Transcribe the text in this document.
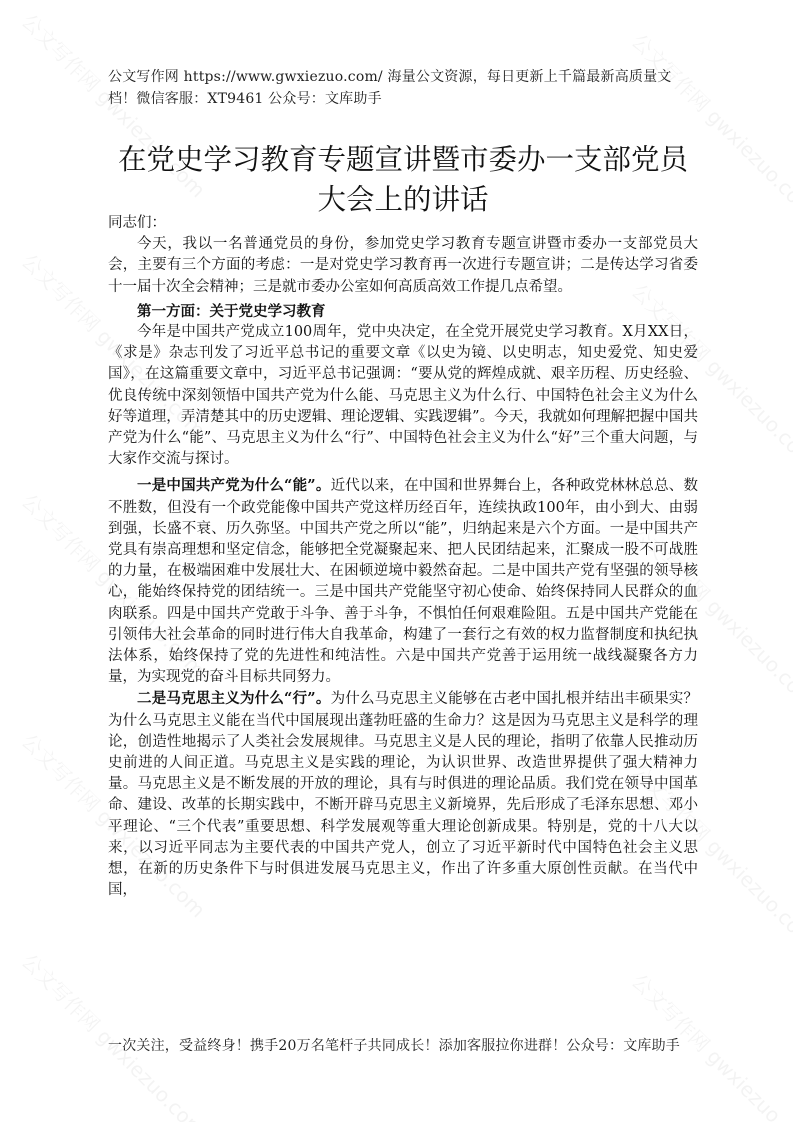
公文写作网 https://www.gwxiezuo.com/ 海量公文资源，每日更新上千篇最新高质量文档！微信客服：XT9461 公众号：文库助手
在党史学习教育专题宣讲暨市委办一支部党员
大会上的讲话

同志们：

今天，我以一名普通党员的身份，参加党史学习教育专题宣讲暨市委办一支部党员大会，主要有三个方面的考虑：一是对党史学习教育再一次进行专题宣讲；二是传达学习省委十一届十次全会精神；三是就市委办公室如何高质高效工作提几点希望。

第一方面：关于党史学习教育

今年是中国共产党成立100周年，党中央决定，在全党开展党史学习教育。X月XX日，《求是》杂志刊发了习近平总书记的重要文章《以史为镜、以史明志，知史爱党、知史爱国》，在这篇重要文章中，习近平总书记强调：“要从党的辉煌成就、艰辛历程、历史经验、优良传统中深刻领悟中国共产党为什么能、马克思主义为什么行、中国特色社会主义为什么好等道理，弄清楚其中的历史逻辑、理论逻辑、实践逻辑”。今天，我就如何理解把握中国共产党为什么“能”、马克思主义为什么“行”、中国特色社会主义为什么“好”三个重大问题，与大家作交流与探讨。

一是中国共产党为什么“能”。近代以来，在中国和世界舞台上，各种政党林林总总、数不胜数，但没有一个政党能像中国共产党这样历经百年，连续执政100年，由小到大、由弱到强，长盛不衰、历久弥坚。中国共产党之所以“能”，归纳起来是六个方面。一是中国共产党具有崇高理想和坚定信念，能够把全党凝聚起来、把人民团结起来，汇聚成一股不可战胜的力量，在极端困难中发展壮大、在困顿逆境中毅然奋起。二是中国共产党有坚强的领导核心，能始终保持党的团结统一。三是中国共产党能坚守初心使命、始终保持同人民群众的血肉联系。四是中国共产党敢于斗争、善于斗争，不惧怕任何艰难险阻。五是中国共产党能在引领伟大社会革命的同时进行伟大自我革命，构建了一套行之有效的权力监督制度和执纪执法体系，始终保持了党的先进性和纯洁性。六是中国共产党善于运用统一战线凝聚各方力量，为实现党的奋斗目标共同努力。

二是马克思主义为什么“行”。为什么马克思主义能够在古老中国扎根并结出丰硕果实？为什么马克思主义能在当代中国展现出蓬勃旺盛的生命力？这是因为马克思主义是科学的理论，创造性地揭示了人类社会发展规律。马克思主义是人民的理论，指明了依靠人民推动历史前进的人间正道。马克思主义是实践的理论，为认识世界、改造世界提供了强大精神力量。马克思主义是不断发展的开放的理论，具有与时俱进的理论品质。我们党在领导中国革命、建设、改革的长期实践中，不断开辟马克思主义新境界，先后形成了毛泽东思想、邓小平理论、“三个代表”重要思想、科学发展观等重大理论创新成果。特别是，党的十八大以来，以习近平同志为主要代表的中国共产党人，创立了习近平新时代中国特色社会主义思想，在新的历史条件下与时俱进发展马克思主义，作出了许多重大原创性贡献。在当代中国，

一次关注，受益终身！携手20万名笔杆子共同成长！添加客服拉你进群！公众号：文库助手
